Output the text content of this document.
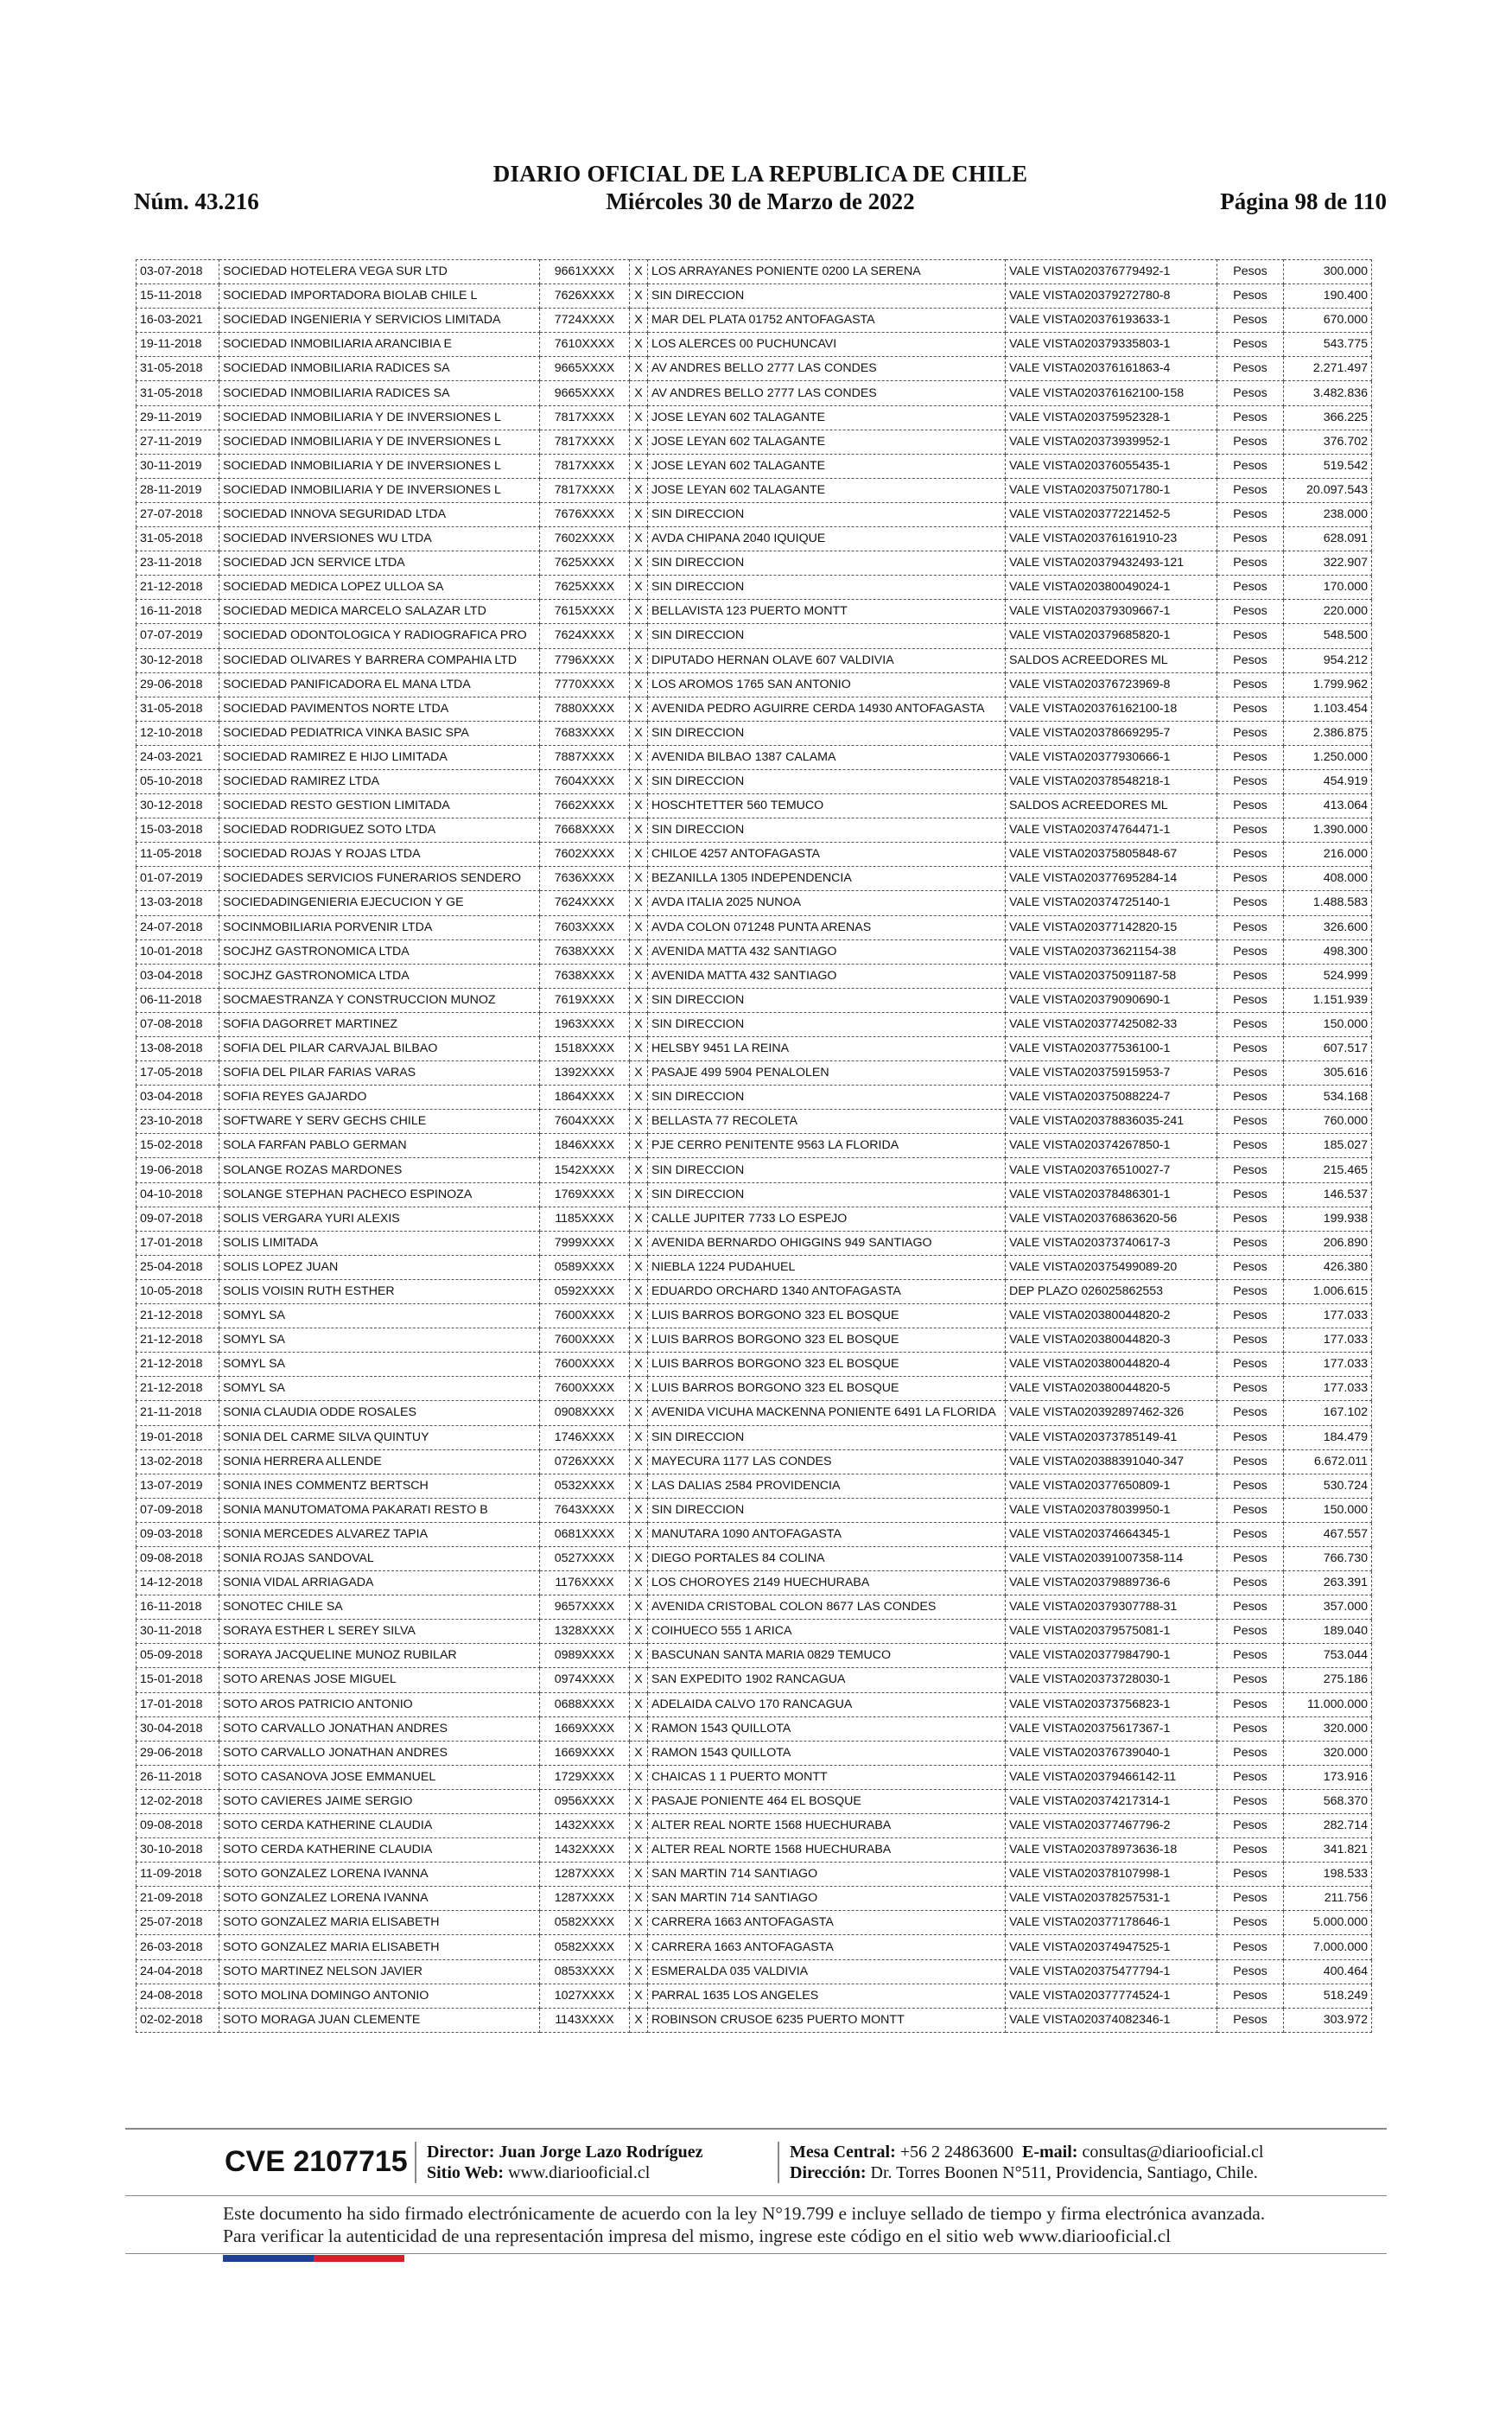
DIARIO OFICIAL DE LA REPUBLICA DE CHILE
Miércoles 30 de Marzo de 2022
Núm. 43.216	Página 98 de 110
03-07-2018	SOCIEDAD HOTELERA VEGA SUR LTD	9661XXXX	X	LOS ARRAYANES PONIENTE 0200 LA SERENA	VALE VISTA020376779492-1	Pesos	300.000
15-11-2018	SOCIEDAD IMPORTADORA BIOLAB CHILE L	7626XXXX	X	SIN DIRECCION	VALE VISTA020379272780-8	Pesos	190.400
16-03-2021	SOCIEDAD INGENIERIA Y SERVICIOS LIMITADA	7724XXXX	X	MAR DEL PLATA 01752 ANTOFAGASTA	VALE VISTA020376193633-1	Pesos	670.000
19-11-2018	SOCIEDAD INMOBILIARIA ARANCIBIA E	7610XXXX	X	LOS ALERCES 00 PUCHUNCAVI	VALE VISTA020379335803-1	Pesos	543.775
31-05-2018	SOCIEDAD INMOBILIARIA RADICES SA	9665XXXX	X	AV ANDRES BELLO 2777 LAS CONDES	VALE VISTA020376161863-4	Pesos	2.271.497
31-05-2018	SOCIEDAD INMOBILIARIA RADICES SA	9665XXXX	X	AV ANDRES BELLO 2777 LAS CONDES	VALE VISTA020376162100-158	Pesos	3.482.836
29-11-2019	SOCIEDAD INMOBILIARIA Y DE INVERSIONES L	7817XXXX	X	JOSE LEYAN 602 TALAGANTE	VALE VISTA020375952328-1	Pesos	366.225
27-11-2019	SOCIEDAD INMOBILIARIA Y DE INVERSIONES L	7817XXXX	X	JOSE LEYAN 602 TALAGANTE	VALE VISTA020373939952-1	Pesos	376.702
30-11-2019	SOCIEDAD INMOBILIARIA Y DE INVERSIONES L	7817XXXX	X	JOSE LEYAN 602 TALAGANTE	VALE VISTA020376055435-1	Pesos	519.542
28-11-2019	SOCIEDAD INMOBILIARIA Y DE INVERSIONES L	7817XXXX	X	JOSE LEYAN 602 TALAGANTE	VALE VISTA020375071780-1	Pesos	20.097.543
27-07-2018	SOCIEDAD INNOVA SEGURIDAD LTDA	7676XXXX	X	SIN DIRECCION	VALE VISTA020377221452-5	Pesos	238.000
31-05-2018	SOCIEDAD INVERSIONES WU LTDA	7602XXXX	X	AVDA CHIPANA 2040 IQUIQUE	VALE VISTA020376161910-23	Pesos	628.091
23-11-2018	SOCIEDAD JCN SERVICE LTDA	7625XXXX	X	SIN DIRECCION	VALE VISTA020379432493-121	Pesos	322.907
21-12-2018	SOCIEDAD MEDICA LOPEZ ULLOA SA	7625XXXX	X	SIN DIRECCION	VALE VISTA020380049024-1	Pesos	170.000
16-11-2018	SOCIEDAD MEDICA MARCELO SALAZAR LTD	7615XXXX	X	BELLAVISTA 123 PUERTO MONTT	VALE VISTA020379309667-1	Pesos	220.000
07-07-2019	SOCIEDAD ODONTOLOGICA Y RADIOGRAFICA PRO	7624XXXX	X	SIN DIRECCION	VALE VISTA020379685820-1	Pesos	548.500
30-12-2018	SOCIEDAD OLIVARES Y BARRERA COMPAHIA LTD	7796XXXX	X	DIPUTADO HERNAN OLAVE 607 VALDIVIA	SALDOS ACREEDORES ML	Pesos	954.212
29-06-2018	SOCIEDAD PANIFICADORA EL MANA LTDA	7770XXXX	X	LOS AROMOS 1765 SAN ANTONIO	VALE VISTA020376723969-8	Pesos	1.799.962
31-05-2018	SOCIEDAD PAVIMENTOS NORTE LTDA	7880XXXX	X	AVENIDA PEDRO AGUIRRE CERDA 14930 ANTOFAGASTA	VALE VISTA020376162100-18	Pesos	1.103.454
12-10-2018	SOCIEDAD PEDIATRICA VINKA BASIC SPA	7683XXXX	X	SIN DIRECCION	VALE VISTA020378669295-7	Pesos	2.386.875
24-03-2021	SOCIEDAD RAMIREZ E HIJO LIMITADA	7887XXXX	X	AVENIDA BILBAO 1387 CALAMA	VALE VISTA020377930666-1	Pesos	1.250.000
05-10-2018	SOCIEDAD RAMIREZ LTDA	7604XXXX	X	SIN DIRECCION	VALE VISTA020378548218-1	Pesos	454.919
30-12-2018	SOCIEDAD RESTO GESTION LIMITADA	7662XXXX	X	HOSCHTETTER 560 TEMUCO	SALDOS ACREEDORES ML	Pesos	413.064
15-03-2018	SOCIEDAD RODRIGUEZ SOTO LTDA	7668XXXX	X	SIN DIRECCION	VALE VISTA020374764471-1	Pesos	1.390.000
11-05-2018	SOCIEDAD ROJAS Y ROJAS LTDA	7602XXXX	X	CHILOE 4257 ANTOFAGASTA	VALE VISTA020375805848-67	Pesos	216.000
01-07-2019	SOCIEDADES SERVICIOS FUNERARIOS SENDERO	7636XXXX	X	BEZANILLA 1305 INDEPENDENCIA	VALE VISTA020377695284-14	Pesos	408.000
13-03-2018	SOCIEDADINGENIERIA EJECUCION Y GE	7624XXXX	X	AVDA ITALIA 2025 NUNOA	VALE VISTA020374725140-1	Pesos	1.488.583
24-07-2018	SOCINMOBILIARIA PORVENIR LTDA	7603XXXX	X	AVDA COLON 071248 PUNTA ARENAS	VALE VISTA020377142820-15	Pesos	326.600
10-01-2018	SOCJHZ GASTRONOMICA LTDA	7638XXXX	X	AVENIDA MATTA 432 SANTIAGO	VALE VISTA020373621154-38	Pesos	498.300
03-04-2018	SOCJHZ GASTRONOMICA LTDA	7638XXXX	X	AVENIDA MATTA 432 SANTIAGO	VALE VISTA020375091187-58	Pesos	524.999
06-11-2018	SOCMAESTRANZA Y CONSTRUCCION MUNOZ	7619XXXX	X	SIN DIRECCION	VALE VISTA020379090690-1	Pesos	1.151.939
07-08-2018	SOFIA DAGORRET MARTINEZ	1963XXXX	X	SIN DIRECCION	VALE VISTA020377425082-33	Pesos	150.000
13-08-2018	SOFIA DEL PILAR CARVAJAL BILBAO	1518XXXX	X	HELSBY 9451 LA REINA	VALE VISTA020377536100-1	Pesos	607.517
17-05-2018	SOFIA DEL PILAR FARIAS VARAS	1392XXXX	X	PASAJE 499 5904 PENALOLEN	VALE VISTA020375915953-7	Pesos	305.616
03-04-2018	SOFIA REYES GAJARDO	1864XXXX	X	SIN DIRECCION	VALE VISTA020375088224-7	Pesos	534.168
23-10-2018	SOFTWARE Y SERV GECHS CHILE	7604XXXX	X	BELLASTA 77 RECOLETA	VALE VISTA020378836035-241	Pesos	760.000
15-02-2018	SOLA FARFAN PABLO GERMAN	1846XXXX	X	PJE CERRO PENITENTE 9563 LA FLORIDA	VALE VISTA020374267850-1	Pesos	185.027
19-06-2018	SOLANGE ROZAS MARDONES	1542XXXX	X	SIN DIRECCION	VALE VISTA020376510027-7	Pesos	215.465
04-10-2018	SOLANGE STEPHAN PACHECO ESPINOZA	1769XXXX	X	SIN DIRECCION	VALE VISTA020378486301-1	Pesos	146.537
09-07-2018	SOLIS VERGARA YURI ALEXIS	1185XXXX	X	CALLE JUPITER 7733 LO ESPEJO	VALE VISTA020376863620-56	Pesos	199.938
17-01-2018	SOLIS LIMITADA	7999XXXX	X	AVENIDA BERNARDO OHIGGINS 949 SANTIAGO	VALE VISTA020373740617-3	Pesos	206.890
25-04-2018	SOLIS LOPEZ JUAN	0589XXXX	X	NIEBLA 1224 PUDAHUEL	VALE VISTA020375499089-20	Pesos	426.380
10-05-2018	SOLIS VOISIN RUTH ESTHER	0592XXXX	X	EDUARDO ORCHARD 1340 ANTOFAGASTA	DEP PLAZO 026025862553	Pesos	1.006.615
21-12-2018	SOMYL SA	7600XXXX	X	LUIS BARROS BORGONO 323 EL BOSQUE	VALE VISTA020380044820-2	Pesos	177.033
21-12-2018	SOMYL SA	7600XXXX	X	LUIS BARROS BORGONO 323 EL BOSQUE	VALE VISTA020380044820-3	Pesos	177.033
21-12-2018	SOMYL SA	7600XXXX	X	LUIS BARROS BORGONO 323 EL BOSQUE	VALE VISTA020380044820-4	Pesos	177.033
21-12-2018	SOMYL SA	7600XXXX	X	LUIS BARROS BORGONO 323 EL BOSQUE	VALE VISTA020380044820-5	Pesos	177.033
21-11-2018	SONIA CLAUDIA ODDE ROSALES	0908XXXX	X	AVENIDA VICUHA MACKENNA PONIENTE 6491 LA FLORIDA	VALE VISTA020392897462-326	Pesos	167.102
19-01-2018	SONIA DEL CARME SILVA QUINTUY	1746XXXX	X	SIN DIRECCION	VALE VISTA020373785149-41	Pesos	184.479
13-02-2018	SONIA HERRERA ALLENDE	0726XXXX	X	MAYECURA 1177 LAS CONDES	VALE VISTA020388391040-347	Pesos	6.672.011
13-07-2019	SONIA INES COMMENTZ BERTSCH	0532XXXX	X	LAS DALIAS 2584 PROVIDENCIA	VALE VISTA020377650809-1	Pesos	530.724
07-09-2018	SONIA MANUTOMATOMA PAKARATI RESTO B	7643XXXX	X	SIN DIRECCION	VALE VISTA020378039950-1	Pesos	150.000
09-03-2018	SONIA MERCEDES ALVAREZ TAPIA	0681XXXX	X	MANUTARA 1090 ANTOFAGASTA	VALE VISTA020374664345-1	Pesos	467.557
09-08-2018	SONIA ROJAS SANDOVAL	0527XXXX	X	DIEGO PORTALES 84 COLINA	VALE VISTA020391007358-114	Pesos	766.730
14-12-2018	SONIA VIDAL ARRIAGADA	1176XXXX	X	LOS CHOROYES 2149 HUECHURABA	VALE VISTA020379889736-6	Pesos	263.391
16-11-2018	SONOTEC CHILE SA	9657XXXX	X	AVENIDA CRISTOBAL COLON 8677 LAS CONDES	VALE VISTA020379307788-31	Pesos	357.000
30-11-2018	SORAYA ESTHER L SEREY SILVA	1328XXXX	X	COIHUECO 555 1 ARICA	VALE VISTA020379575081-1	Pesos	189.040
05-09-2018	SORAYA JACQUELINE MUNOZ RUBILAR	0989XXXX	X	BASCUNAN SANTA MARIA 0829 TEMUCO	VALE VISTA020377984790-1	Pesos	753.044
15-01-2018	SOTO ARENAS JOSE MIGUEL	0974XXXX	X	SAN EXPEDITO 1902 RANCAGUA	VALE VISTA020373728030-1	Pesos	275.186
17-01-2018	SOTO AROS PATRICIO ANTONIO	0688XXXX	X	ADELAIDA CALVO 170 RANCAGUA	VALE VISTA020373756823-1	Pesos	11.000.000
30-04-2018	SOTO CARVALLO JONATHAN ANDRES	1669XXXX	X	RAMON 1543 QUILLOTA	VALE VISTA020375617367-1	Pesos	320.000
29-06-2018	SOTO CARVALLO JONATHAN ANDRES	1669XXXX	X	RAMON 1543 QUILLOTA	VALE VISTA020376739040-1	Pesos	320.000
26-11-2018	SOTO CASANOVA JOSE EMMANUEL	1729XXXX	X	CHAICAS 1 1 PUERTO MONTT	VALE VISTA020379466142-11	Pesos	173.916
12-02-2018	SOTO CAVIERES JAIME SERGIO	0956XXXX	X	PASAJE PONIENTE 464 EL BOSQUE	VALE VISTA020374217314-1	Pesos	568.370
09-08-2018	SOTO CERDA KATHERINE CLAUDIA	1432XXXX	X	ALTER REAL NORTE 1568 HUECHURABA	VALE VISTA020377467796-2	Pesos	282.714
30-10-2018	SOTO CERDA KATHERINE CLAUDIA	1432XXXX	X	ALTER REAL NORTE 1568 HUECHURABA	VALE VISTA020378973636-18	Pesos	341.821
11-09-2018	SOTO GONZALEZ LORENA IVANNA	1287XXXX	X	SAN MARTIN 714 SANTIAGO	VALE VISTA020378107998-1	Pesos	198.533
21-09-2018	SOTO GONZALEZ LORENA IVANNA	1287XXXX	X	SAN MARTIN 714 SANTIAGO	VALE VISTA020378257531-1	Pesos	211.756
25-07-2018	SOTO GONZALEZ MARIA ELISABETH	0582XXXX	X	CARRERA 1663 ANTOFAGASTA	VALE VISTA020377178646-1	Pesos	5.000.000
26-03-2018	SOTO GONZALEZ MARIA ELISABETH	0582XXXX	X	CARRERA 1663 ANTOFAGASTA	VALE VISTA020374947525-1	Pesos	7.000.000
24-04-2018	SOTO MARTINEZ NELSON JAVIER	0853XXXX	X	ESMERALDA 035 VALDIVIA	VALE VISTA020375477794-1	Pesos	400.464
24-08-2018	SOTO MOLINA DOMINGO ANTONIO	1027XXXX	X	PARRAL 1635 LOS ANGELES	VALE VISTA020377774524-1	Pesos	518.249
02-02-2018	SOTO MORAGA JUAN CLEMENTE	1143XXXX	X	ROBINSON CRUSOE 6235 PUERTO MONTT	VALE VISTA020374082346-1	Pesos	303.972
CVE 2107715 Director: Juan Jorge Lazo Rodríguez
Sitio Web: www.diariooficial.cl
Mesa Central: +56 2 24863600 E-mail: consultas@diariooficial.cl
Dirección: Dr. Torres Boonen N°511, Providencia, Santiago, Chile.
Este documento ha sido firmado electrónicamente de acuerdo con la ley N°19.799 e incluye sellado de tiempo y firma electrónica avanzada. Para verificar la autenticidad de una representación impresa del mismo, ingrese este código en el sitio web www.diariooficial.cl
